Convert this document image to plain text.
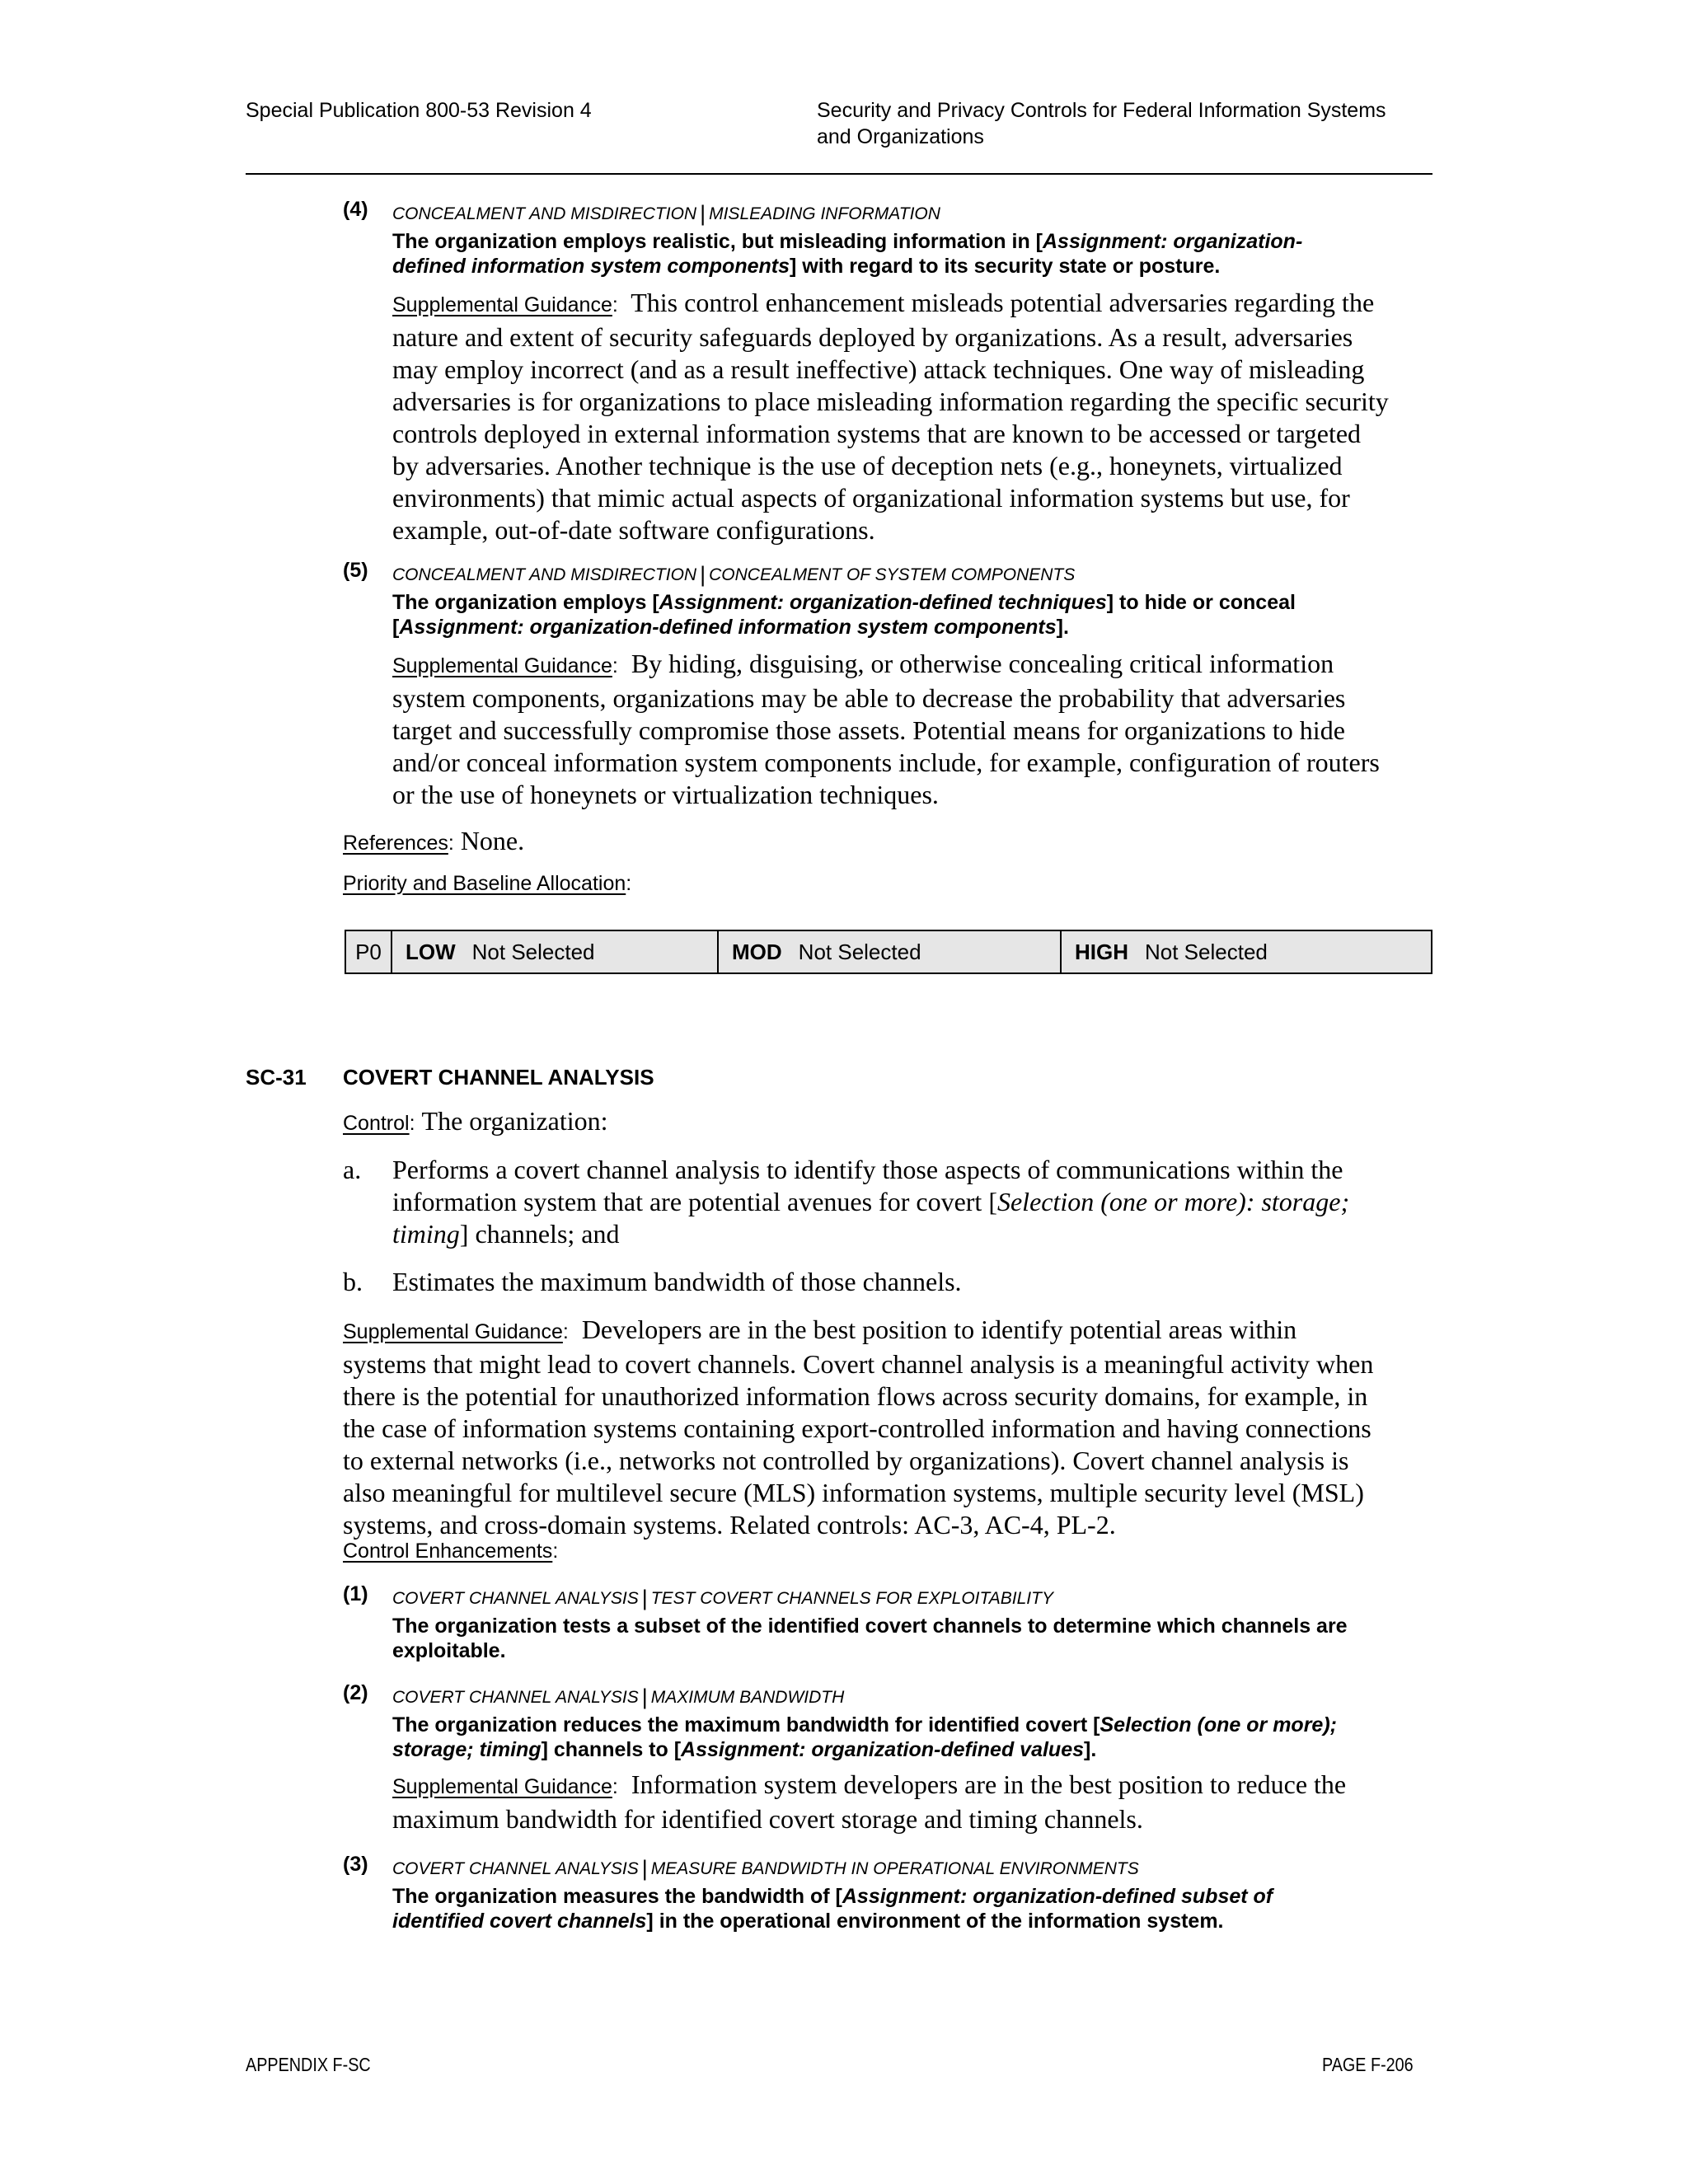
Special Publication 800-53 Revision 4	Security and Privacy Controls for Federal Information Systems
and Organizations
(4) CONCEALMENT AND MISDIRECTION | MISLEADING INFORMATION
The organization employs realistic, but misleading information in [Assignment: organization-
defined information system components] with regard to its security state or posture.
Supplemental Guidance: This control enhancement misleads potential adversaries regarding the
nature and extent of security safeguards deployed by organizations. As a result, adversaries
may employ incorrect (and as a result ineffective) attack techniques. One way of misleading
adversaries is for organizations to place misleading information regarding the specific security
controls deployed in external information systems that are known to be accessed or targeted
by adversaries. Another technique is the use of deception nets (e.g., honeynets, virtualized
environments) that mimic actual aspects of organizational information systems but use, for
example, out-of-date software configurations.
(5) CONCEALMENT AND MISDIRECTION | CONCEALMENT OF SYSTEM COMPONENTS
The organization employs [Assignment: organization-defined techniques] to hide or conceal
[Assignment: organization-defined information system components].
Supplemental Guidance: By hiding, disguising, or otherwise concealing critical information
system components, organizations may be able to decrease the probability that adversaries
target and successfully compromise those assets. Potential means for organizations to hide
and/or conceal information system components include, for example, configuration of routers
or the use of honeynets or virtualization techniques.
References: None.
Priority and Baseline Allocation:
P0	LOW Not Selected	MOD Not Selected	HIGH Not Selected
SC-31 COVERT CHANNEL ANALYSIS
Control: The organization:
a. Performs a covert channel analysis to identify those aspects of communications within the
information system that are potential avenues for covert [Selection (one or more): storage;
timing] channels; and
b. Estimates the maximum bandwidth of those channels.
Supplemental Guidance: Developers are in the best position to identify potential areas within
systems that might lead to covert channels. Covert channel analysis is a meaningful activity when
there is the potential for unauthorized information flows across security domains, for example, in
the case of information systems containing export-controlled information and having connections
to external networks (i.e., networks not controlled by organizations). Covert channel analysis is
also meaningful for multilevel secure (MLS) information systems, multiple security level (MSL)
systems, and cross-domain systems. Related controls: AC-3, AC-4, PL-2.
Control Enhancements:
(1) COVERT CHANNEL ANALYSIS | TEST COVERT CHANNELS FOR EXPLOITABILITY
The organization tests a subset of the identified covert channels to determine which channels are
exploitable.
(2) COVERT CHANNEL ANALYSIS | MAXIMUM BANDWIDTH
The organization reduces the maximum bandwidth for identified covert [Selection (one or more);
storage; timing] channels to [Assignment: organization-defined values].
Supplemental Guidance: Information system developers are in the best position to reduce the
maximum bandwidth for identified covert storage and timing channels.
(3) COVERT CHANNEL ANALYSIS | MEASURE BANDWIDTH IN OPERATIONAL ENVIRONMENTS
The organization measures the bandwidth of [Assignment: organization-defined subset of
identified covert channels] in the operational environment of the information system.
APPENDIX F-SC	PAGE F-206
